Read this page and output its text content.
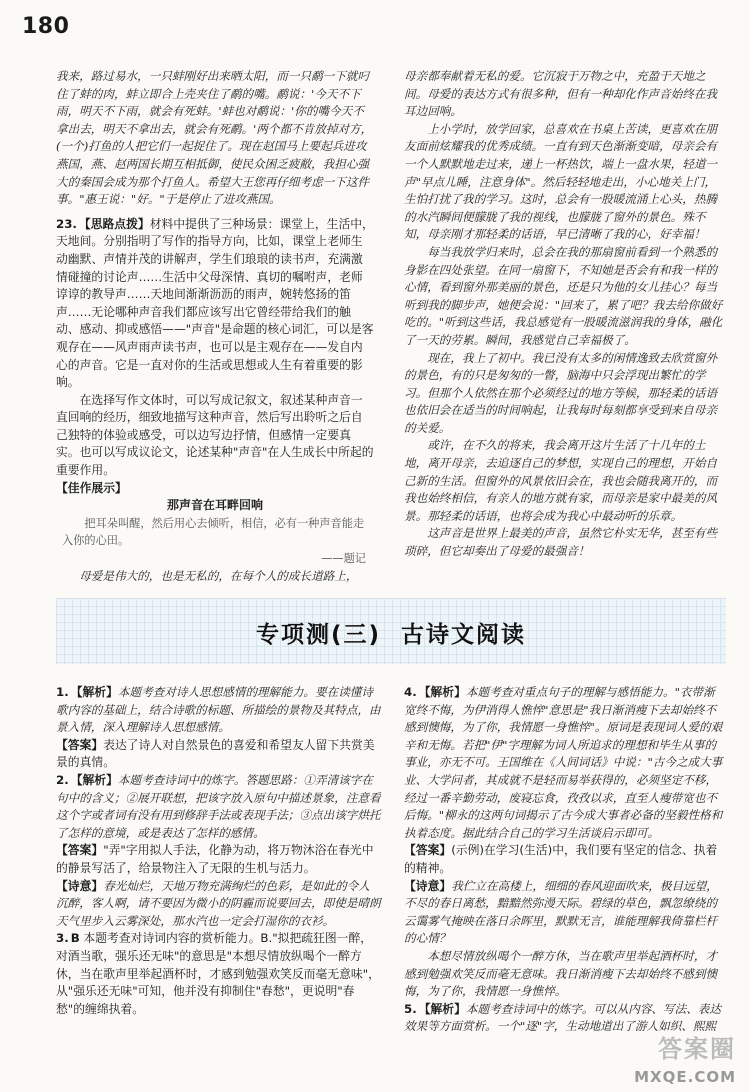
180

我来，路过易水，一只蚌刚好出来晒太阳，而一只鹬一下就叼住了蚌的肉，蚌立即合上壳夹住了鹬的嘴。鹬说：'今天不下雨，明天不下雨，就会有死蚌。'蚌也对鹬说：'你的嘴今天不拿出去，明天不拿出去，就会有死鹬。'两个都不肯放掉对方，(一个)打鱼的人把它们一起捉住了。现在赵国马上要起兵进攻燕国，燕、赵两国长期互相抵御，使民众困乏疲敝，我担心强大的秦国会成为那个打鱼人。希望大王您再仔细考虑一下这件事。"惠王说："好。"于是停止了进攻燕国。

23. 【思路点拨】材料中提供了三种场景：课堂上，生活中，天地间。分别指明了写作的指导方向，比如，课堂上老师生动幽默、声情并茂的讲解声，学生们琅琅的读书声，充满激情碰撞的讨论声……生活中父母深情、真切的嘱咐声，老师谆谆的教导声……天地间渐渐沥沥的雨声，婉转悠扬的笛声……无论哪种声音我们都应该写出它曾经带给我们的触动、感动、抑或感悟——"声音"是命题的核心词汇，可以是客观存在——风声雨声读书声，也可以是主观存在——发自内心的声音。它是一直对你的生活或思想或人生有着重要的影响。

在选择写作文体时，可以写成记叙文，叙述某种声音一直回响的经历，细致地描写这种声音，然后写出聆听之后自己独特的体验或感受，可以边写边抒情，但感情一定要真实。也可以写成议论文，论述某种"声音"在人生成长中所起的重要作用。

【佳作展示】

那声音在耳畔回响

把耳朵叫醒，然后用心去倾听，相信，必有一种声音能走入你的心田。

——题记

母爱是伟大的，也是无私的，在每个人的成长道路上，

母亲都奉献着无私的爱。它沉寂于万物之中，充盈于天地之间。母爱的表达方式有很多种，但有一种却化作声音始终在我耳边回响。

上小学时，放学回家，总喜欢在书桌上苦读，更喜欢在朋友面前炫耀我的优秀成绩。一直有到天色渐渐变暗，母亲会有一个人默默地走过来，递上一杯热饮，端上一盘水果，轻道一声"早点儿睡，注意身体"。然后轻轻地走出，小心地关上门，生怕打扰了我的学习。这时，总会有一股暖流涌上心头，热腾的水汽瞬间便朦胧了我的视线，也朦胧了窗外的景色。殊不知，母亲刚才那轻柔的话语，早已清晰了我的心，好幸福！

每当我放学归来时，总会在我的那扇窗前看到一个熟悉的身影在四处张望。在同一扇窗下，不知她是否会有和我一样的心情，看到窗外那美丽的景色，还是只为他的女儿挂心？每当听到我的脚步声，她便会说："回来了，累了吧？我去给你做好吃的。"听到这些话，我总感觉有一股暖流滋润我的身体，融化了一天的劳累。瞬间，我感觉自己幸福极了。

现在，我上了初中。我已没有太多的闲情逸致去欣赏窗外的景色，有的只是匆匆的一瞥，脑海中只会浮现出繁忙的学习。但那个人依然在那个必须经过的地方等候，那轻柔的话语也依旧会在适当的时间响起，让我每时每刻都享受到来自母亲的关爱。

或许，在不久的将来，我会离开这片生活了十几年的土地，离开母亲，去追逐自己的梦想，实现自己的理想，开始自己新的生活。但窗外的风景依旧会在，我也会随我离开的，而我也始终相信，有亲人的地方就有家，而母亲是家中最美的风景。那轻柔的话语，也将会成为我心中最动听的乐章。

这声音是世界上最美的声音，虽然它朴实无华，甚至有些琐碎，但它却奏出了母爱的最强音！

专项测(三) 古诗文阅读

1. 【解析】本题考查对诗人思想感情的理解能力。要在读懂诗歌内容的基础上，结合诗歌的标题、所描绘的景物及其特点，由景入情，深入理解诗人思想感情。

【答案】表达了诗人对自然景色的喜爱和希望友人留下共赏美景的真情。

2. 【解析】本题考查诗词中的炼字。答题思路：①弄清该字在句中的含义；②展开联想，把该字放入原句中描述景象，注意看这个字或者词有没有用到修辞手法或表现手法；③点出该字烘托了怎样的意境，或是表达了怎样的感情。

【答案】"弄"字用拟人手法，化静为动，将万物沐浴在春光中的静景写活了，给景物注入了无限的生机与活力。

【诗意】春光灿烂，天地万物充满绚烂的色彩，是如此的令人沉醉，客人啊，请不要因为微小的阴霾而说要回去，即使是晴朗天气里步入云雾深处，那水汽也一定会打湿你的衣衫。

3. B 本题考查对诗词内容的赏析能力。B."拟把疏狂图一醉，对酒当歌，强乐还无味"的意思是"本想尽情放纵喝个一醉方休，当在歌声里举起酒杯时，才感到勉强欢笑反而毫无意味"，从"强乐还无味"可知，他并没有抑制住"春愁"，更说明"春愁"的缠绵执着。

4. 【解析】本题考查对重点句子的理解与感悟能力。"衣带渐宽终不悔，为伊消得人憔悴"意思是"我日渐消瘦下去却始终不感到懊悔，为了你，我情愿一身憔悴"。原词是表现词人爱的艰辛和无悔。若把"伊"字理解为词人所追求的理想和毕生从事的事业，亦无不可。王国维在《人间词话》中说："古今之成大事业、大学问者，其成就不是轻而易举获得的，必须坚定不移，经过一番辛勤劳动，废寝忘食，孜孜以求，直至人瘦带宽也不后悔。"柳永的这两句词揭示了古今成大事者必备的坚毅性格和执着态度。据此结合自己的学习生活谈启示即可。

【答案】(示例)在学习(生活)中，我们要有坚定的信念、执着的精神。

【诗意】我伫立在高楼上，细细的春风迎面吹来，极目远望，不尽的春日离愁，黯黯然弥漫天际。碧绿的草色，飘忽缭绕的云霭雾气掩映在落日余晖里，默默无言，谁能理解我倚靠栏杆的心情？

本想尽情放纵喝个一醉方休，当在歌声里举起酒杯时，才感到勉强欢笑反而毫无意味。我日渐消瘦下去却始终不感到懊悔，为了你，我情愿一身憔悴。

5. 【解析】本题考查诗词中的炼字。可以从内容、写法、表达效果等方面赏析。一个"逐"字，生动地道出了游人如织、熙熙

答案圈
MXQE.COM
